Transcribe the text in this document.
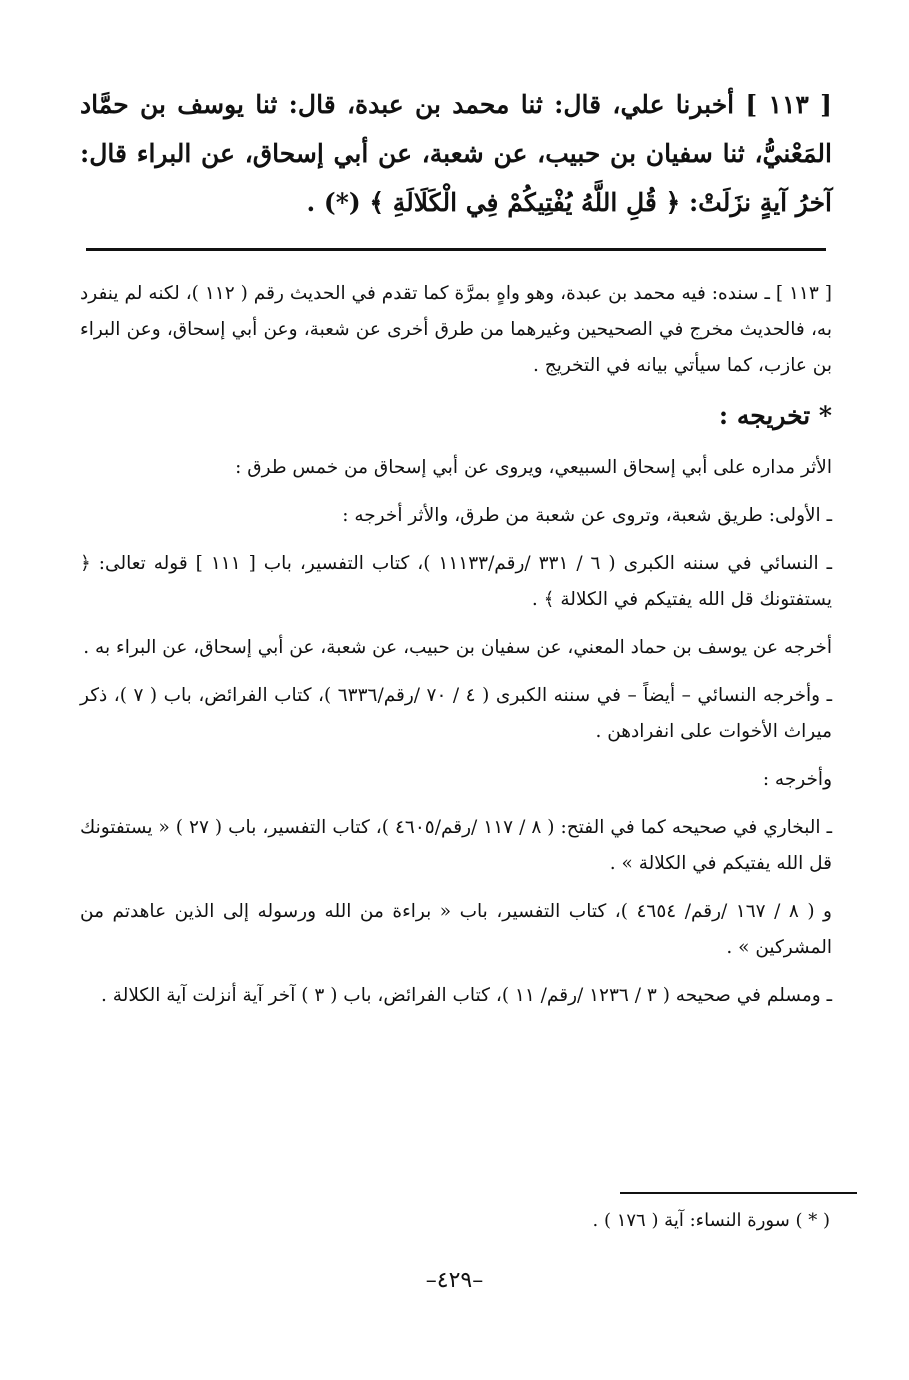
[ ١١٣ ] أخبرنا علي، قال: ثنا محمد بن عبدة، قال: ثنا يوسف بن حمَّاد المَعْنيُّ، ثنا سفيان بن حبيب، عن شعبة، عن أبي إسحاق، عن البراء قال: آخرُ آيةٍ نزَلَتْ: ﴿ قُلِ اللَّهُ يُفْتِيكُمْ فِي الْكَلَالَةِ ﴾ (*) .

[ ١١٣ ] ـ سنده: فيه محمد بن عبدة، وهو واهٍ بمرَّة كما تقدم في الحديث رقم ( ١١٢ )، لكنه لم ينفرد به، فالحديث مخرج في الصحيحين وغيرهما من طرق أخرى عن شعبة، وعن أبي إسحاق، وعن البراء بن عازب، كما سيأتي بيانه في التخريج .

* تخريجه :

الأثر مداره على أبي إسحاق السبيعي، ويروى عن أبي إسحاق من خمس طرق :

ـ الأولى: طريق شعبة، وتروى عن شعبة من طرق، والأثر أخرجه :

ـ النسائي في سننه الكبرى ( ٦ / ٣٣١ /رقم/١١١٣٣ )، كتاب التفسير، باب [ ١١١ ] قوله تعالى: ﴿ يستفتونك قل الله يفتيكم في الكلالة ﴾ .

أخرجه عن يوسف بن حماد المعني، عن سفيان بن حبيب، عن شعبة، عن أبي إسحاق، عن البراء به .

ـ وأخرجه النسائي – أيضاً – في سننه الكبرى ( ٤ / ٧٠ /رقم/٦٣٣٦ )، كتاب الفرائض، باب ( ٧ )، ذكر ميراث الأخوات على انفرادهن .

وأخرجه :

ـ البخاري في صحيحه كما في الفتح: ( ٨ / ١١٧ /رقم/٤٦٠٥ )، كتاب التفسير، باب ( ٢٧ ) « يستفتونك قل الله يفتيكم في الكلالة » .

و ( ٨ / ١٦٧ /رقم/ ٤٦٥٤ )، كتاب التفسير، باب « براءة من الله ورسوله إلى الذين عاهدتم من المشركين » .

ـ ومسلم في صحيحه ( ٣ / ١٢٣٦ /رقم/ ١١ )، كتاب الفرائض، باب ( ٣ ) آخر آية أنزلت آية الكلالة .

( * ) سورة النساء: آية ( ١٧٦ ) .
–٤٢٩–
